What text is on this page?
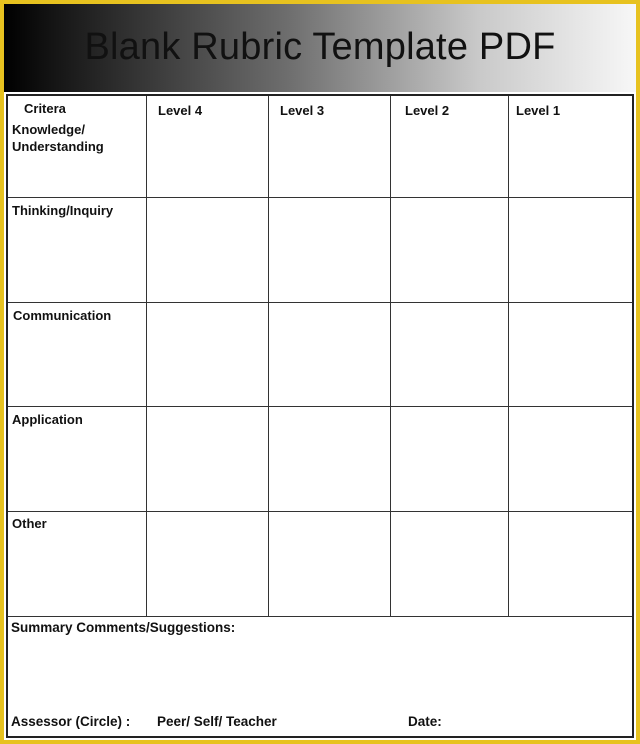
Blank Rubric Template PDF
Critera	Level 4	Level 3	Level 2	Level 1
Knowledge/ Understanding
Thinking/Inquiry
Communication
Application
Other
Summary Comments/Suggestions:
Assessor (Circle) : Peer/ Self/ Teacher	Date:
